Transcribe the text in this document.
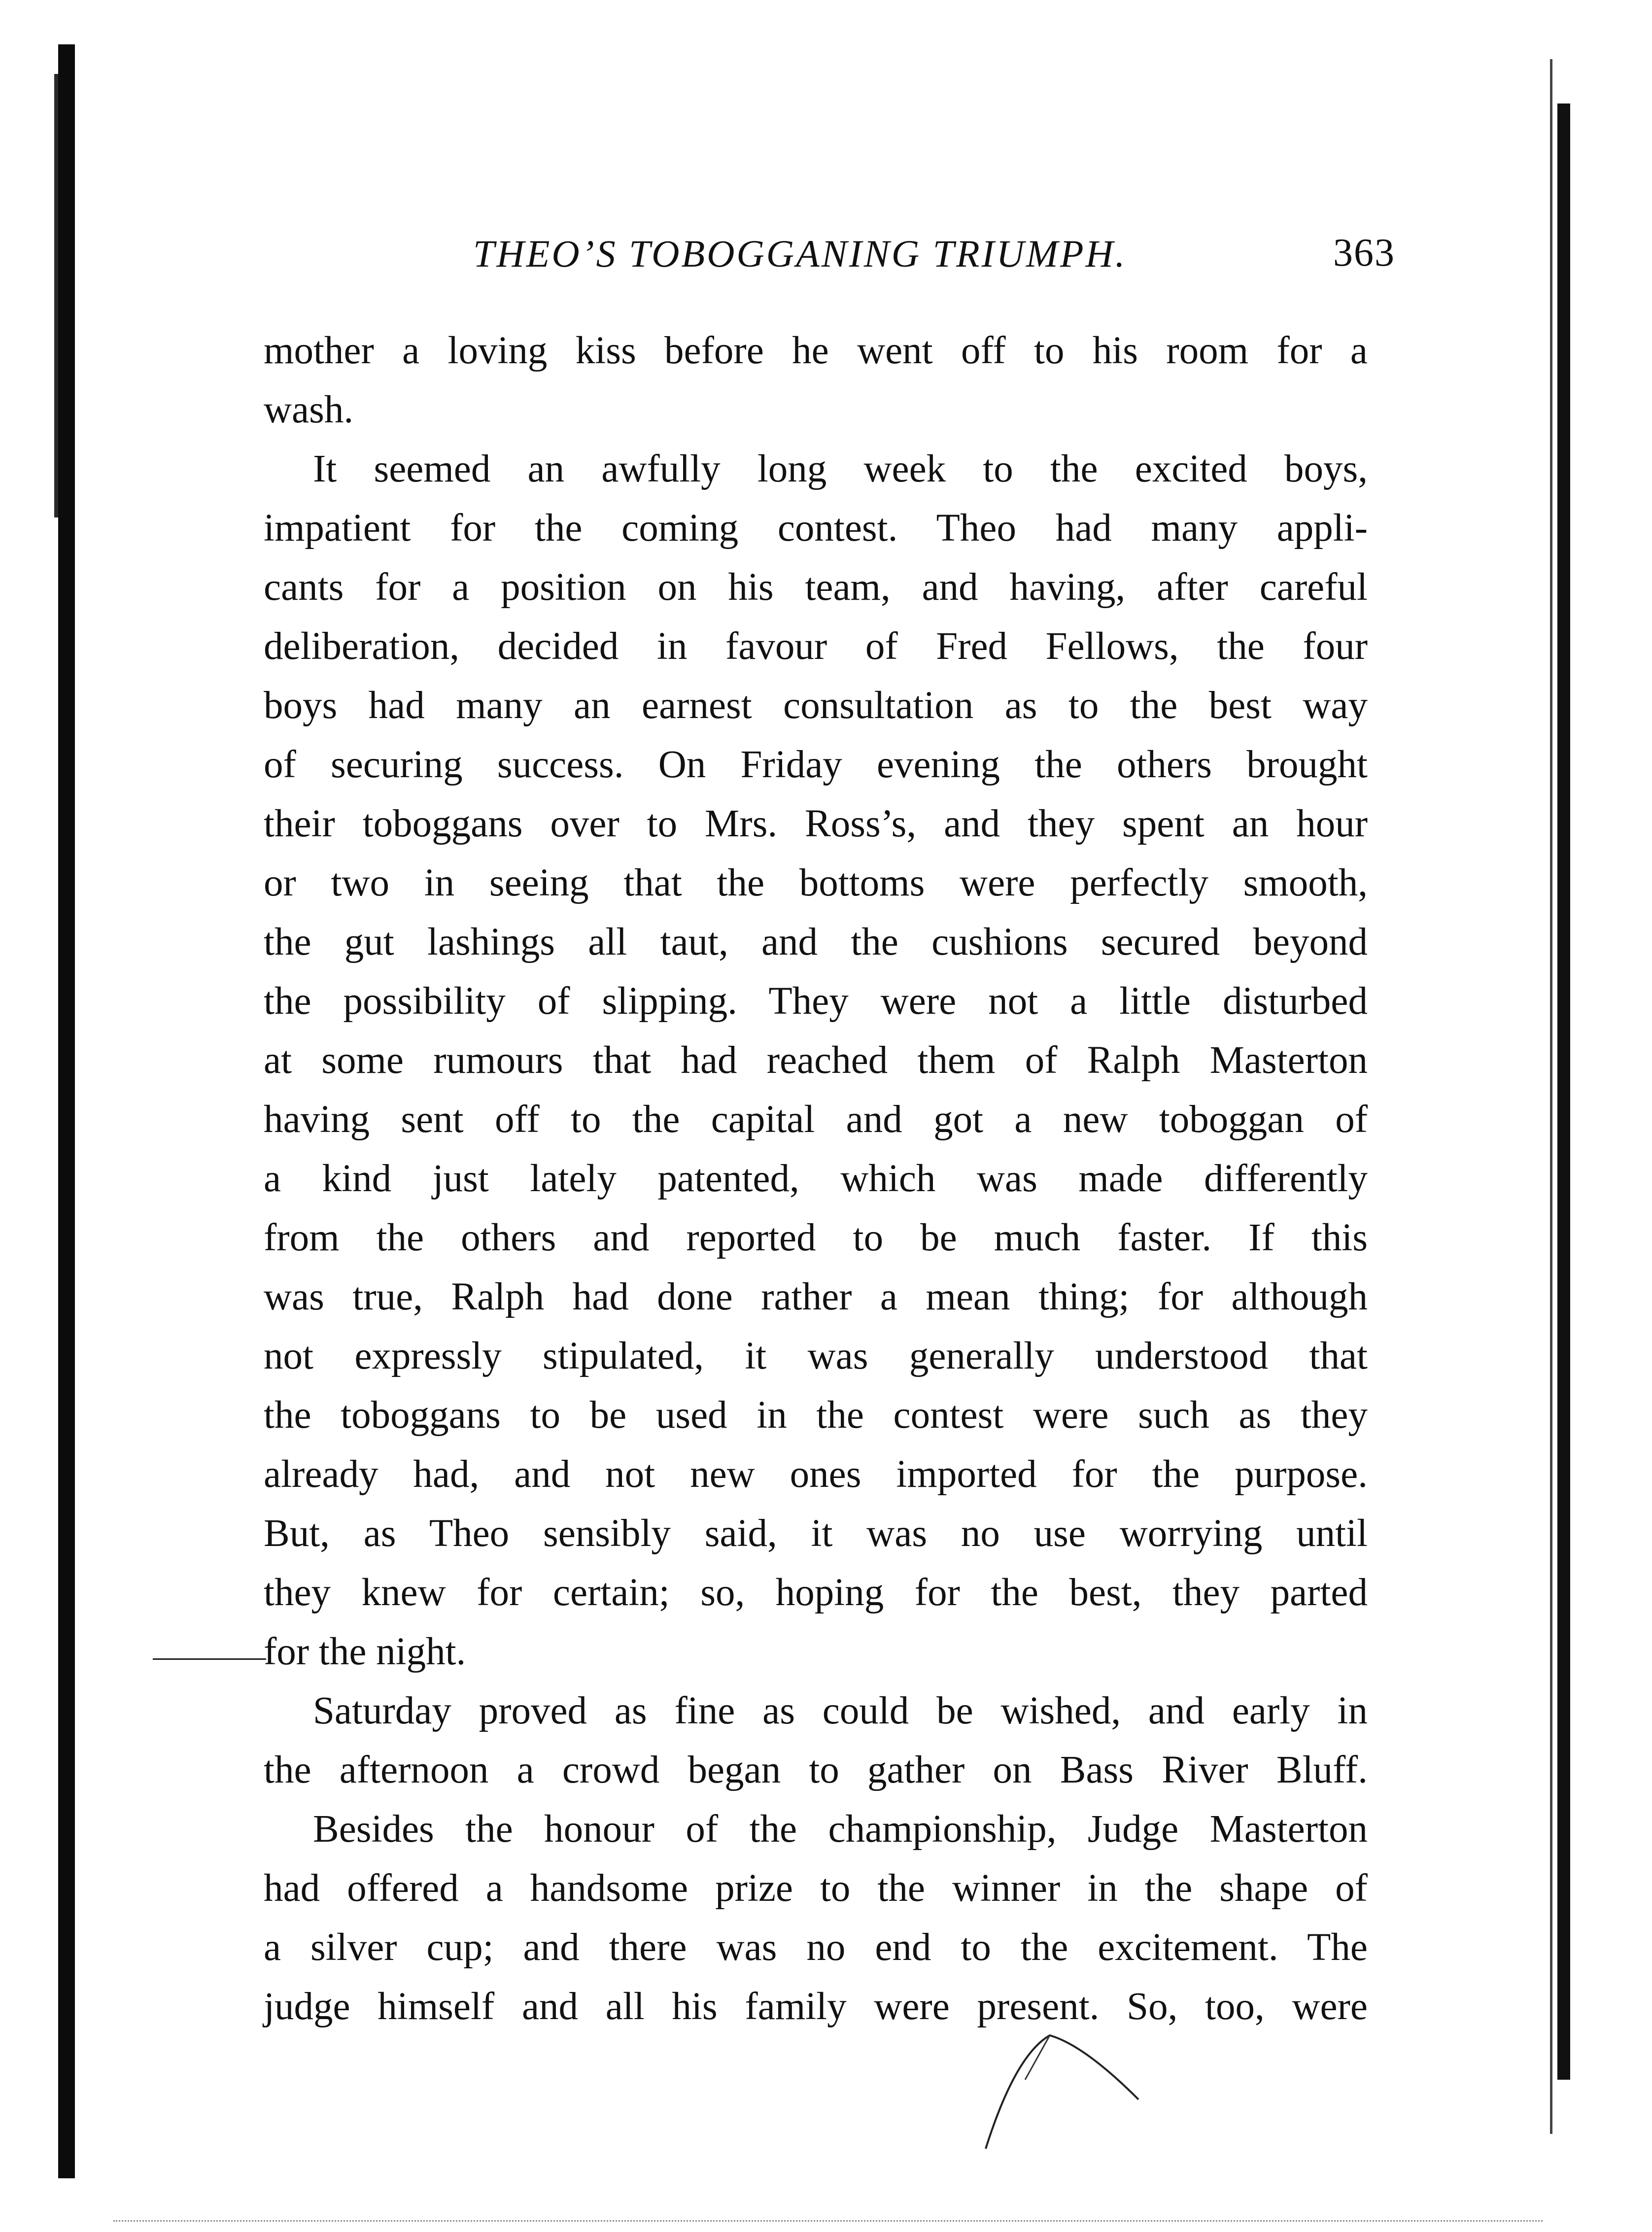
THEO’S TOBOGGANING TRIUMPH.	363
mother a loving kiss before he went off to his room for a
wash.
It seemed an awfully long week to the excited boys,
impatient for the coming contest. Theo had many appli-
cants for a position on his team, and having, after careful
deliberation, decided in favour of Fred Fellows, the four
boys had many an earnest consultation as to the best way
of securing success. On Friday evening the others brought
their toboggans over to Mrs. Ross’s, and they spent an hour
or two in seeing that the bottoms were perfectly smooth,
the gut lashings all taut, and the cushions secured beyond
the possibility of slipping. They were not a little disturbed
at some rumours that had reached them of Ralph Masterton
having sent off to the capital and got a new toboggan of
a kind just lately patented, which was made differently
from the others and reported to be much faster. If this
was true, Ralph had done rather a mean thing; for although
not expressly stipulated, it was generally understood that
the toboggans to be used in the contest were such as they
already had, and not new ones imported for the purpose.
But, as Theo sensibly said, it was no use worrying until
they knew for certain; so, hoping for the best, they parted
for the night.
Saturday proved as fine as could be wished, and early in
the afternoon a crowd began to gather on Bass River Bluff.
Besides the honour of the championship, Judge Masterton
had offered a handsome prize to the winner in the shape of
a silver cup; and there was no end to the excitement. The
judge himself and all his family were present. So, too, were
